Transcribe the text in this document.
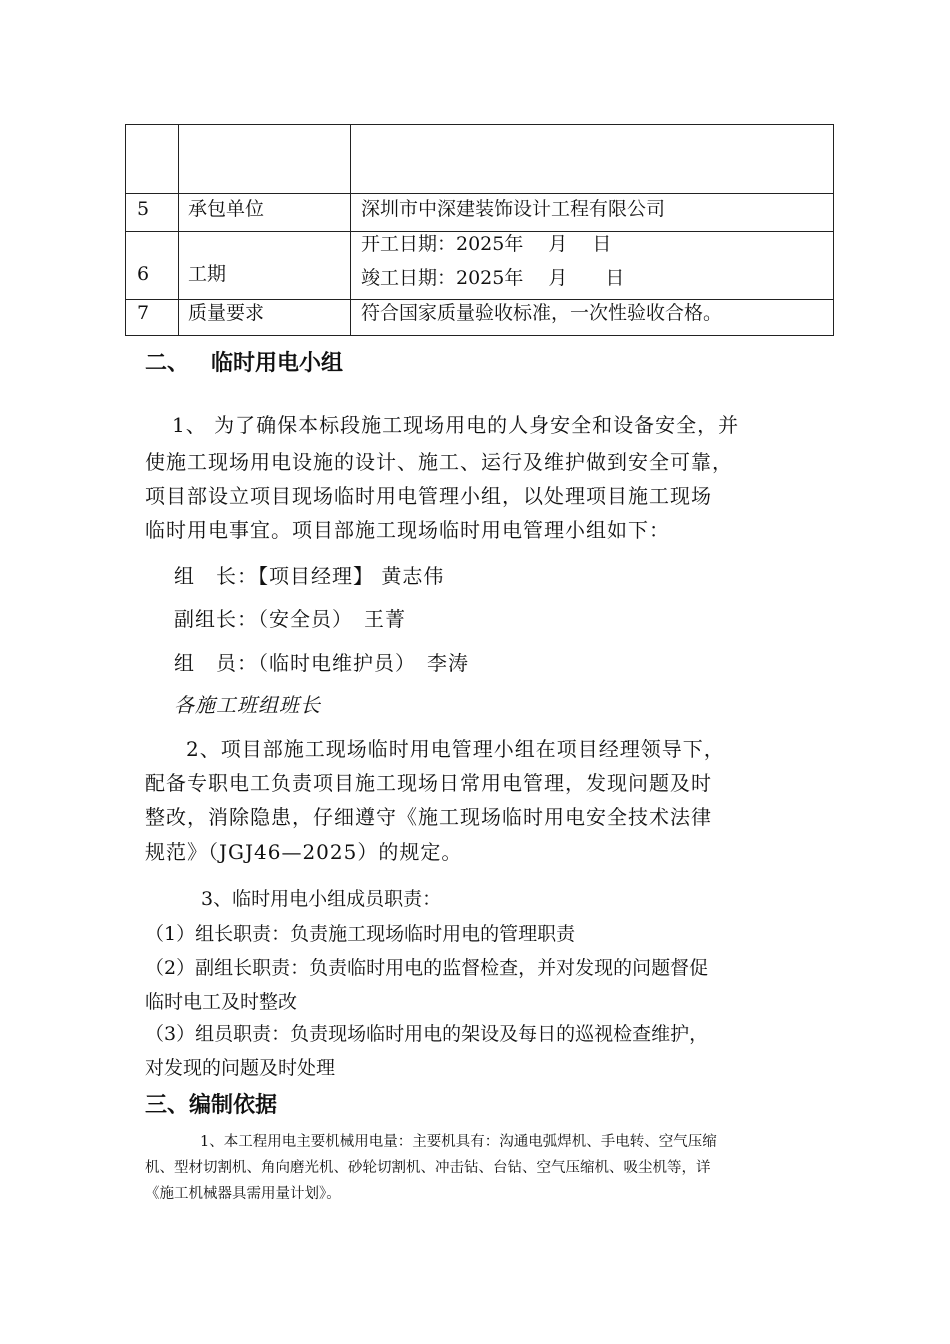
5 承包单位	深圳市中深建装饰设计工程有限公司
6 工期
开工日期：2025年　 月　 日
竣工日期：2025年　 月　　日
7 质量要求	符合国家质量验收标准，一次性验收合格。
二、 临时用电小组
1、 为了确保本标段施工现场用电的人身安全和设备安全，并
使施工现场用电设施的设计、施工、运行及维护做到安全可靠，
项目部设立项目现场临时用电管理小组，以处理项目施工现场
临时用电事宜。项目部施工现场临时用电管理小组如下：
组　长：【项目经理】 黄志伟
副组长：（安全员）　王菁
组　员：（临时电维护员）　李涛
各施工班组班长
2、项目部施工现场临时用电管理小组在项目经理领导下，
配备专职电工负责项目施工现场日常用电管理，发现问题及时
整改，消除隐患，仔细遵守《施工现场临时用电安全技术法律
规范》（JGJ46—2025）的规定。
3、临时用电小组成员职责：
（1）组长职责：负责施工现场临时用电的管理职责
（2）副组长职责：负责临时用电的监督检查，并对发现的问题督促
临时电工及时整改
（3）组员职责：负责现场临时用电的架设及每日的巡视检查维护，
对发现的问题及时处理
三、编制依据
1、本工程用电主要机械用电量：主要机具有：沟通电弧焊机、手电转、空气压缩
机、型材切割机、角向磨光机、砂轮切割机、冲击钻、台钻、空气压缩机、吸尘机等，详
《施工机械器具需用量计划》。
